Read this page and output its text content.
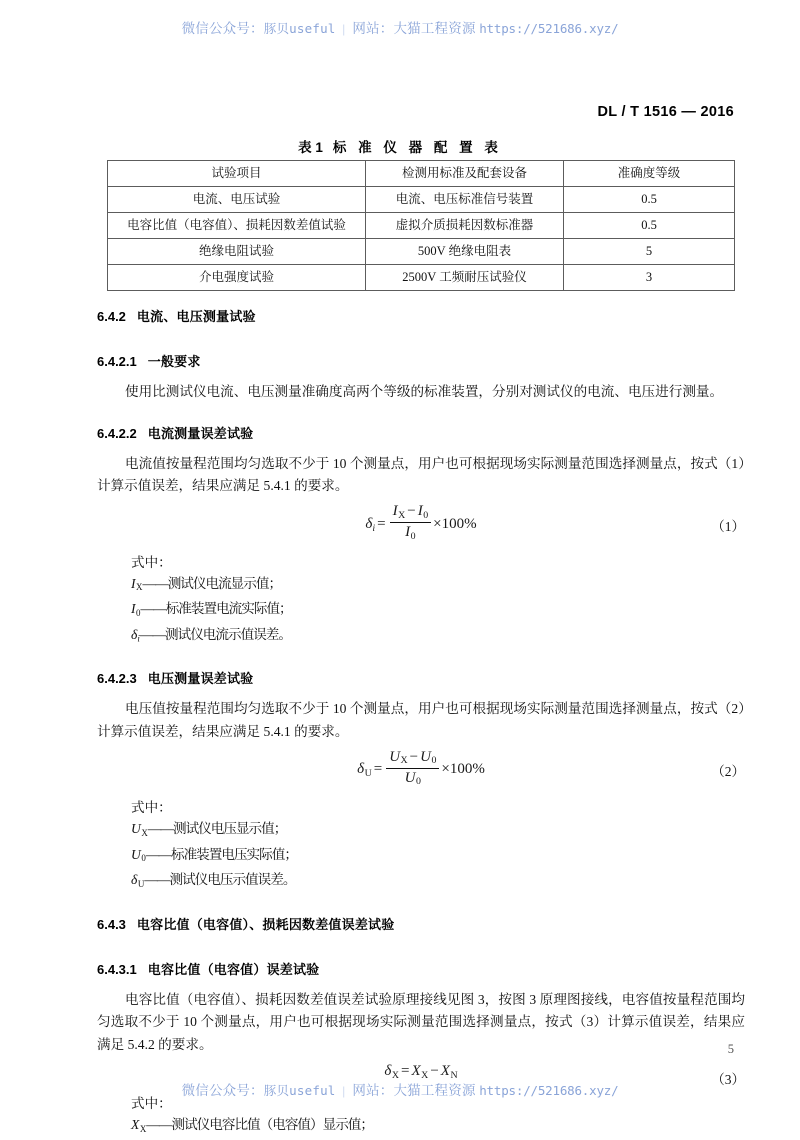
微信公众号：豚贝useful | 网站：大猫工程资源 https://521686.xyz/
DL / T 1516 — 2016
表 1 标 准 仪 器 配 置 表
试验项目	检测用标准及配套设备	准确度等级
电流、电压试验	电流、电压标准信号装置	0.5
电容比值（电容值）、损耗因数差值试验	虚拟介质损耗因数标准器	0.5
绝缘电阻试验	500V 绝缘电阻表	5
介电强度试验	2500V 工频耐压试验仪	3
6.4.2 电流、电压测量试验
6.4.2.1 一般要求

使用比测试仪电流、电压测量准确度高两个等级的标准装置，分别对测试仪的电流、电压进行测量。

6.4.2.2 电流测量误差试验

电流值按量程范围均匀选取不少于 10 个测量点，用户也可根据现场实际测量范围选择测量点，按式（1）计算示值误差，结果应满足 5.4.1 的要求。

$\delta i = \frac{I_X - I_0}{I_0} \times 100\%$	（1）
式中：
$I_X——$测试仪电流显示值；
$I_0——$标准装置电流实际值；
δi——测试仪电流示值误差。
6.4.2.3 电压测量误差试验

电压值按量程范围均匀选取不少于 10 个测量点，用户也可根据现场实际测量范围选择测量点，按式（2）计算示值误差，结果应满足 5.4.1 的要求。

$\delta_U = \frac{U_X - U_0}{U_0} \times 100\%$	（2）
式中：
$U_X——$测试仪电压显示值；
$U_0——$标准装置电压实际值；
$\delta_U——$测试仪电压示值误差。
6.4.3 电容比值（电容值）、损耗因数差值误差试验
6.4.3.1 电容比值（电容值）误差试验

电容比值（电容值）、损耗因数差值误差试验原理接线见图 3，按图 3 原理图接线，电容值按量程范围均匀选取不少于 10 个测量点，用户也可根据现场实际测量范围选择测量点，按式（3）计算示值误差，结果应满足 5.4.2 的要求。

$\delta_X = X_X - X_N$	（3）
式中：
$X_X——$测试仪电容比值（电容值）显示值；
5
微信公众号：豚贝useful | 网站：大猫工程资源 https://521686.xyz/
